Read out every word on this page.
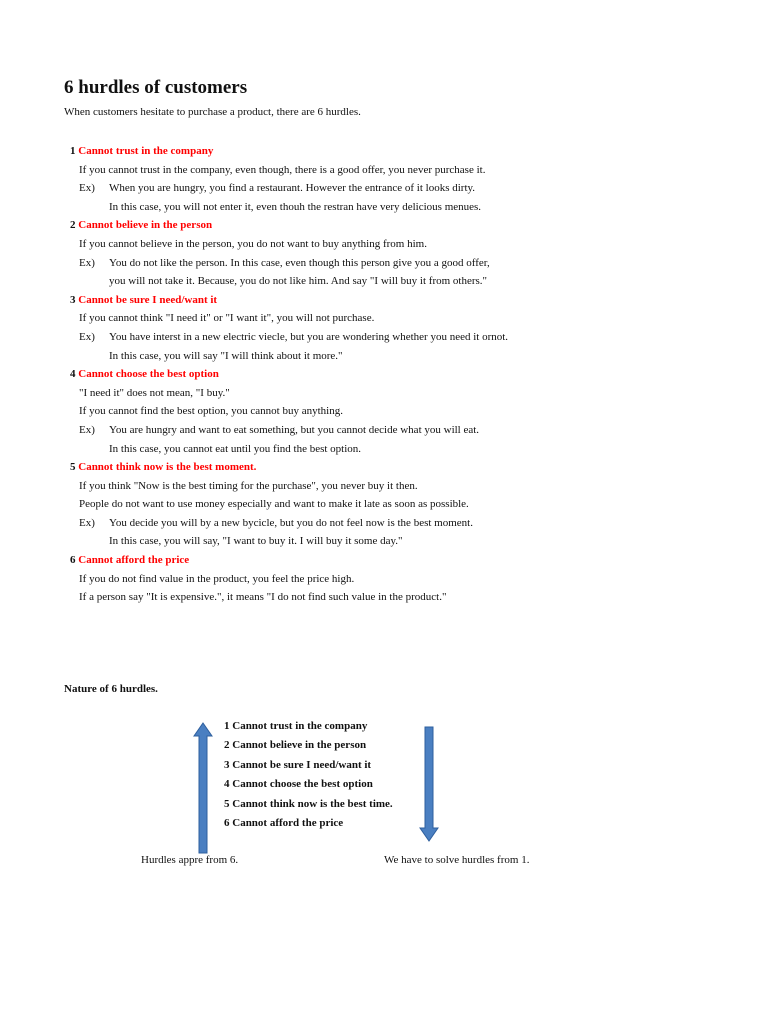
6 hurdles of customers
When customers hesitate to purchase a product, there are 6 hurdles.
1 Cannot trust in the company
If you cannot trust in the company, even though, there is a good offer, you never purchase it.
Ex) When you are hungry, you find a restaurant. However the entrance of it looks dirty.
In this case, you will not enter it, even thouh the restran have very delicious menues.
2 Cannot believe in the person
If you cannot believe in the person, you do not want to buy anything from him.
Ex) You do not like the person. In this case, even though this person give you a good offer,
you will not take it. Because, you do not like him. And say "I will buy it from others."
3 Cannot be sure I need/want it
If you cannot think "I need it" or "I want it", you will not purchase.
Ex) You have interst in a new electric viecle, but you are wondering whether you need it ornot.
In this case, you will say "I will think about it more."
4 Cannot choose the best option
"I need it" does not mean, "I buy."
If you cannot find the best option, you cannot buy anything.
Ex) You are hungry and want to eat something, but you cannot decide what you will eat.
In this case, you cannot eat until you find the best option.
5 Cannot think now is the best moment.
If you think "Now is the best timing for the purchase", you never buy it then.
People do not want to use money especially and want to make it late as soon as possible.
Ex) You decide you will by a new bycicle, but you do not feel now is the best moment.
In this case, you will say, "I want to buy it. I will buy it some day."
6 Cannot afford the price
If you do not find value in the product, you feel the price high.
If a person say "It is expensive.", it means "I do not find such value in the product."
Nature of 6 hurdles.
1 Cannot trust in the company
2 Cannot believe in the person
3 Cannot be sure I need/want it
4 Cannot choose the best option
5 Cannot think now is the best time.
6 Cannot afford the price
Hurdles appre from 6.	We have to solve hurdles from 1.
